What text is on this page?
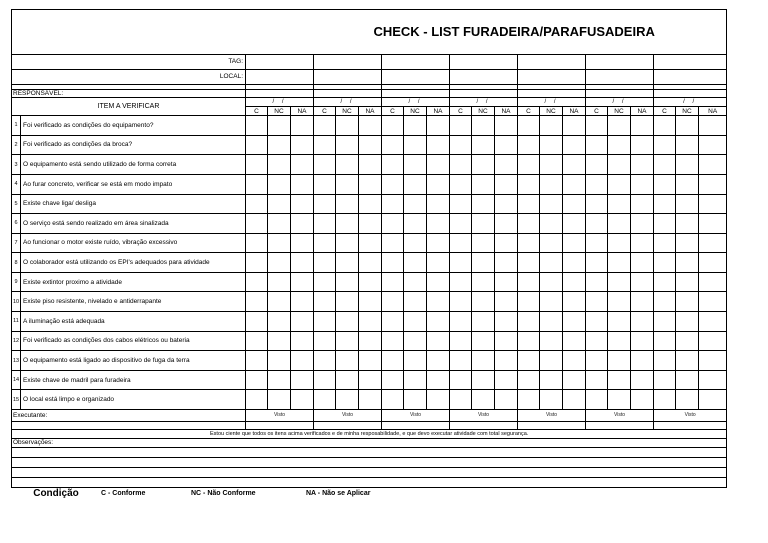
CHECK - LIST FURADEIRA/PARAFUSADEIRA																						
TAG:																						
LOCAL:																						

RESPONSÁVEL:																						
ITEM A VERIFICAR		/ /			/ /			/ /			/ /			/ /			/ /			/ /		
		C	NC	NA	C	NC	NA	C	NC	NA	C	NC	NA	C	NC	NA	C	NC	NA	C	NC	NA
1	Foi verificado as condições do equipamento?																					
2	Foi verificado as condições da broca?																					
3	O equipamento está sendo utilizado de forma correta																					
4	Ao furar concreto, verificar se está em modo impato																					
5	Existe chave liga/ desliga																					
6	O serviço está sendo realizado em área sinalizada																					
7	Ao funcionar o motor existe ruído, vibração excessivo																					
8	O colaborador está utilizando os EPI's adequados para atividade																					
9	Existe extintor proximo a atividade																					
10	Existe piso resistente, nivelado e antiderrapante																					
11	A iluminação está adequada																					
12	Foi verificado as condições dos cabos elétricos ou bateria																					
13	O equipamento está ligado ao dispositivo de fuga da terra																					
14	Existe chave de madril para furadeira																					
15	O local está limpo e organizado																					
Executante:		Visto			Visto			Visto			Visto			Visto			Visto			Visto		

Estou ciente que todos os itens acima verificados e de minha resposabilidade, e que devo executar atividade com total segurança.																						
Observações:																						

Condição	C - Conforme	NC - Não Conforme	NA - Não se Aplicar
